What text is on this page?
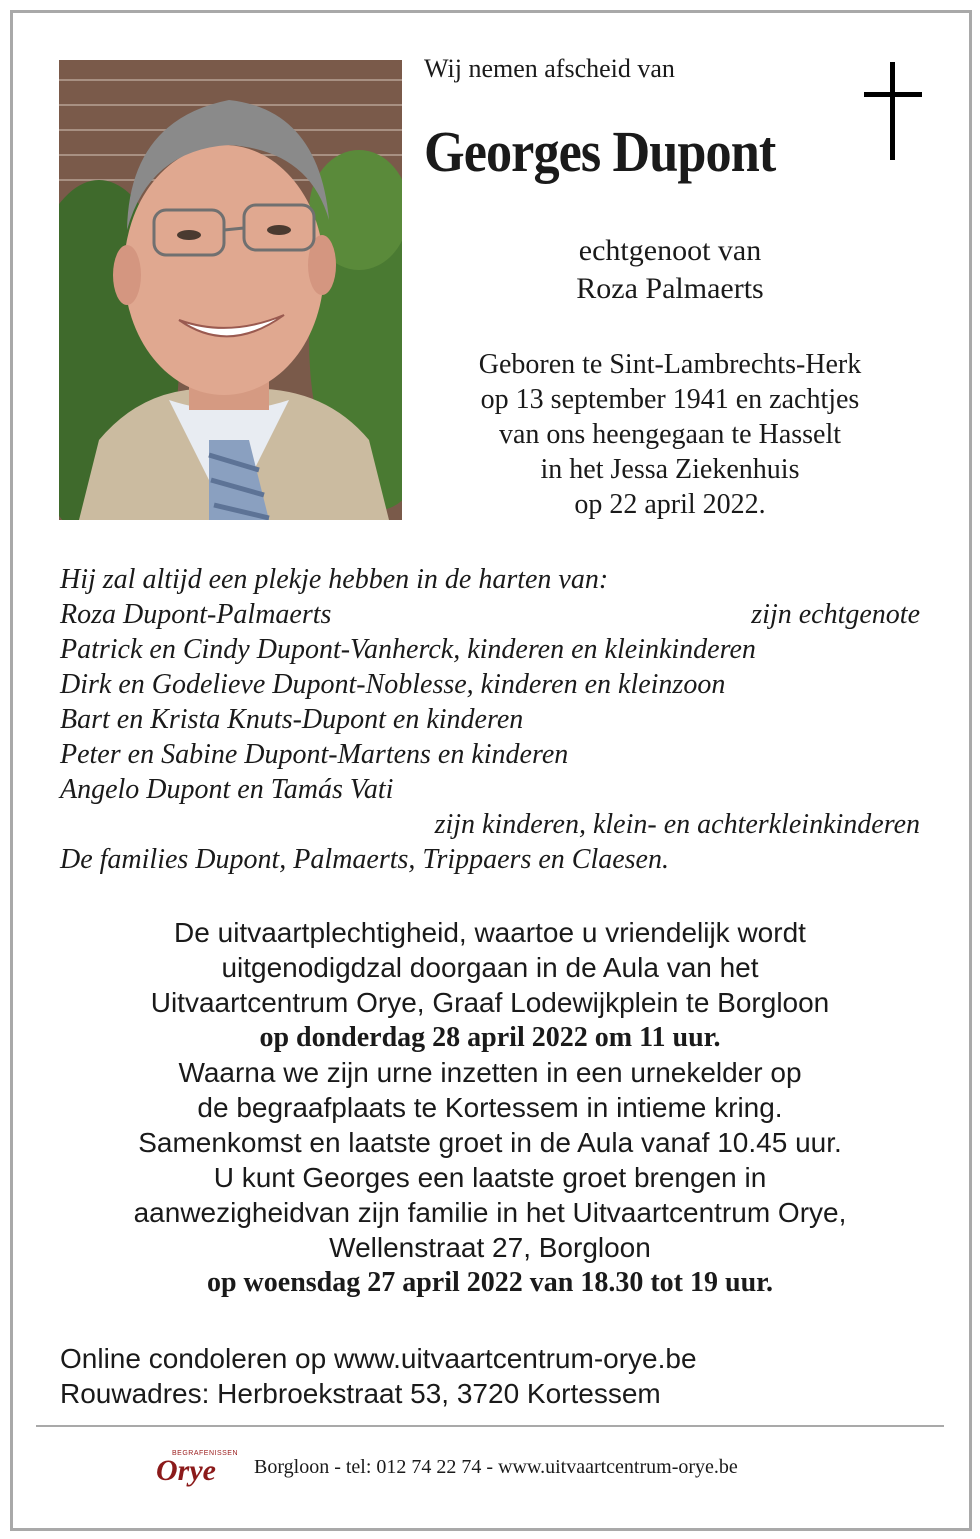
Wij nemen afscheid van
Georges Dupont
echtgenoot van
Roza Palmaerts
Geboren te Sint-Lambrechts-Herk
op 13 september 1941 en zachtjes
van ons heengegaan te Hasselt
in het Jessa Ziekenhuis
op 22 april 2022.
Hij zal altijd een plekje hebben in de harten van:
Roza Dupont-Palmaerts	zijn echtgenote
Patrick en Cindy Dupont-Vanherck, kinderen en kleinkinderen
Dirk en Godelieve Dupont-Noblesse, kinderen en kleinzoon
Bart en Krista Knuts-Dupont en kinderen
Peter en Sabine Dupont-Martens en kinderen
Angelo Dupont en Tamás Vati
zijn kinderen, klein- en achterkleinkinderen
De families Dupont, Palmaerts, Trippaers en Claesen.
De uitvaartplechtigheid, waartoe u vriendelijk wordt
uitgenodigdzal doorgaan in de Aula van het
Uitvaartcentrum Orye, Graaf Lodewijkplein te Borgloon
op donderdag 28 april 2022 om 11 uur.
Waarna we zijn urne inzetten in een urnekelder op
de begraafplaats te Kortessem in intieme kring.
Samenkomst en laatste groet in de Aula vanaf 10.45 uur.
U kunt Georges een laatste groet brengen in
aanwezigheidvan zijn familie in het Uitvaartcentrum Orye,
Wellenstraat 27, Borgloon
op woensdag 27 april 2022 van 18.30 tot 19 uur.
Online condoleren op www.uitvaartcentrum-orye.be
Rouwadres: Herbroekstraat 53, 3720 Kortessem
BEGRAFENISSEN
Orye Borgloon - tel: 012 74 22 74 - www.uitvaartcentrum-orye.be
